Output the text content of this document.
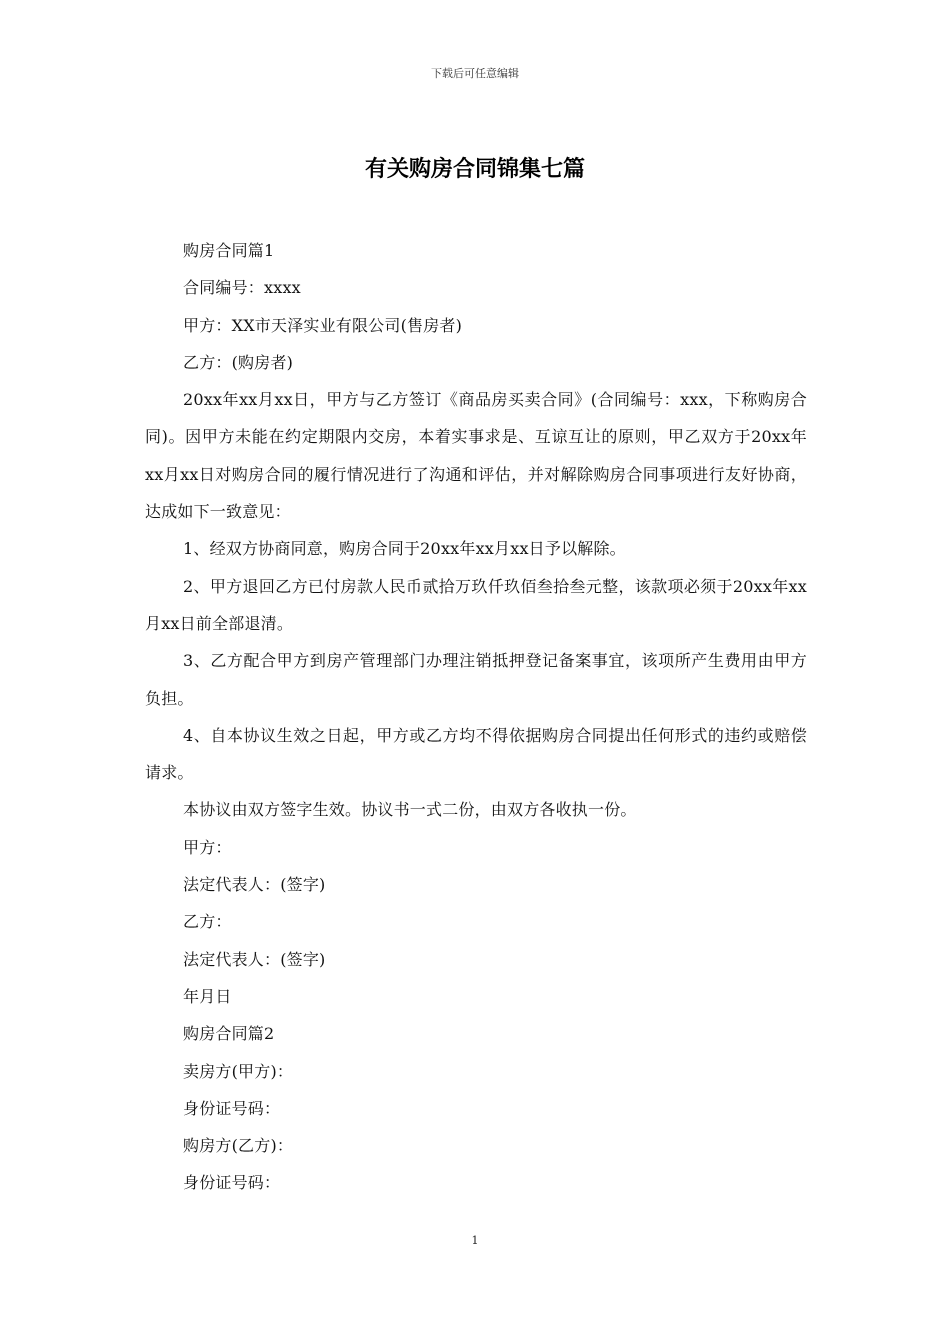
下载后可任意编辑
有关购房合同锦集七篇

购房合同篇1

合同编号：xxxx

甲方：XX市天泽实业有限公司(售房者)

乙方：(购房者)

20xx年xx月xx日，甲方与乙方签订《商品房买卖合同》(合同编号：xxx，下称购房合同)。因甲方未能在约定期限内交房，本着实事求是、互谅互让的原则，甲乙双方于20xx年xx月xx日对购房合同的履行情况进行了沟通和评估，并对解除购房合同事项进行友好协商，达成如下一致意见：

1、经双方协商同意，购房合同于20xx年xx月xx日予以解除。

2、甲方退回乙方已付房款人民币贰拾万玖仟玖佰叁拾叁元整，该款项必须于20xx年xx月xx日前全部退清。

3、乙方配合甲方到房产管理部门办理注销抵押登记备案事宜，该项所产生费用由甲方负担。

4、自本协议生效之日起，甲方或乙方均不得依据购房合同提出任何形式的违约或赔偿请求。

本协议由双方签字生效。协议书一式二份，由双方各收执一份。

甲方：

法定代表人：(签字)

乙方：

法定代表人：(签字)

年月日

购房合同篇2

卖房方(甲方)：

身份证号码：

购房方(乙方)：

身份证号码：

1
